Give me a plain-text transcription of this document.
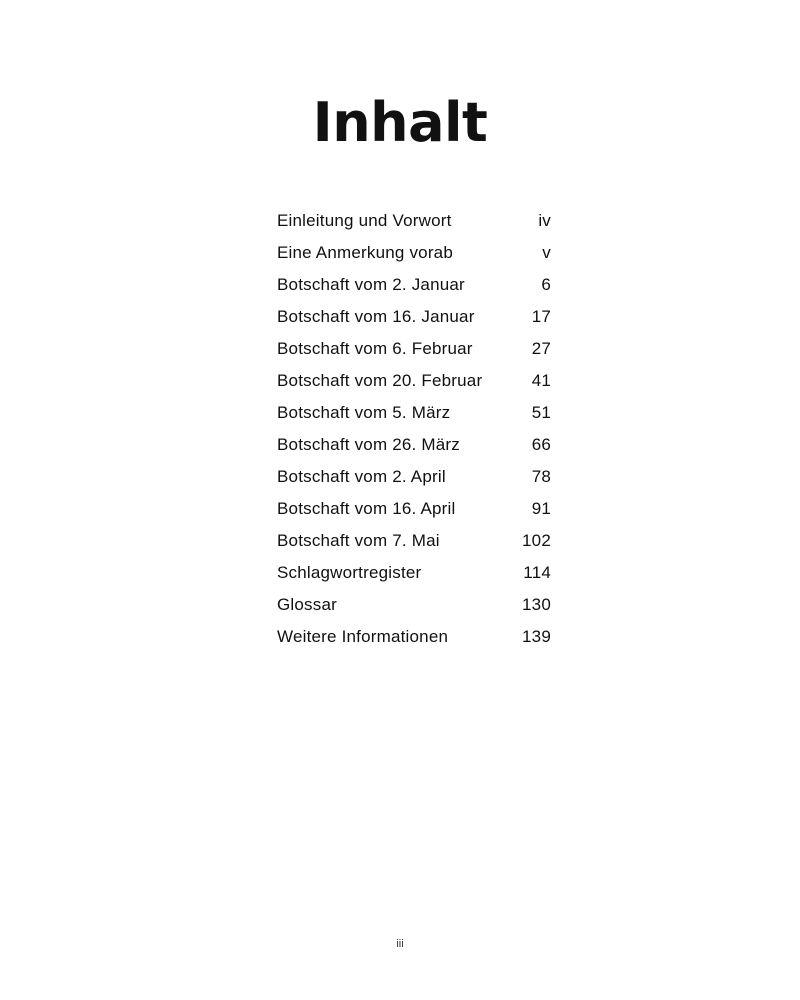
Inhalt
Einleitung und Vorwort	iv
Eine Anmerkung vorab	v
Botschaft vom 2. Januar	6
Botschaft vom 16. Januar	17
Botschaft vom 6. Februar	27
Botschaft vom 20. Februar	41
Botschaft vom 5. März	51
Botschaft vom 26. März	66
Botschaft vom 2. April	78
Botschaft vom 16. April	91
Botschaft vom 7. Mai	102
Schlagwortregister	114
Glossar	130
Weitere Informationen	139
iii
